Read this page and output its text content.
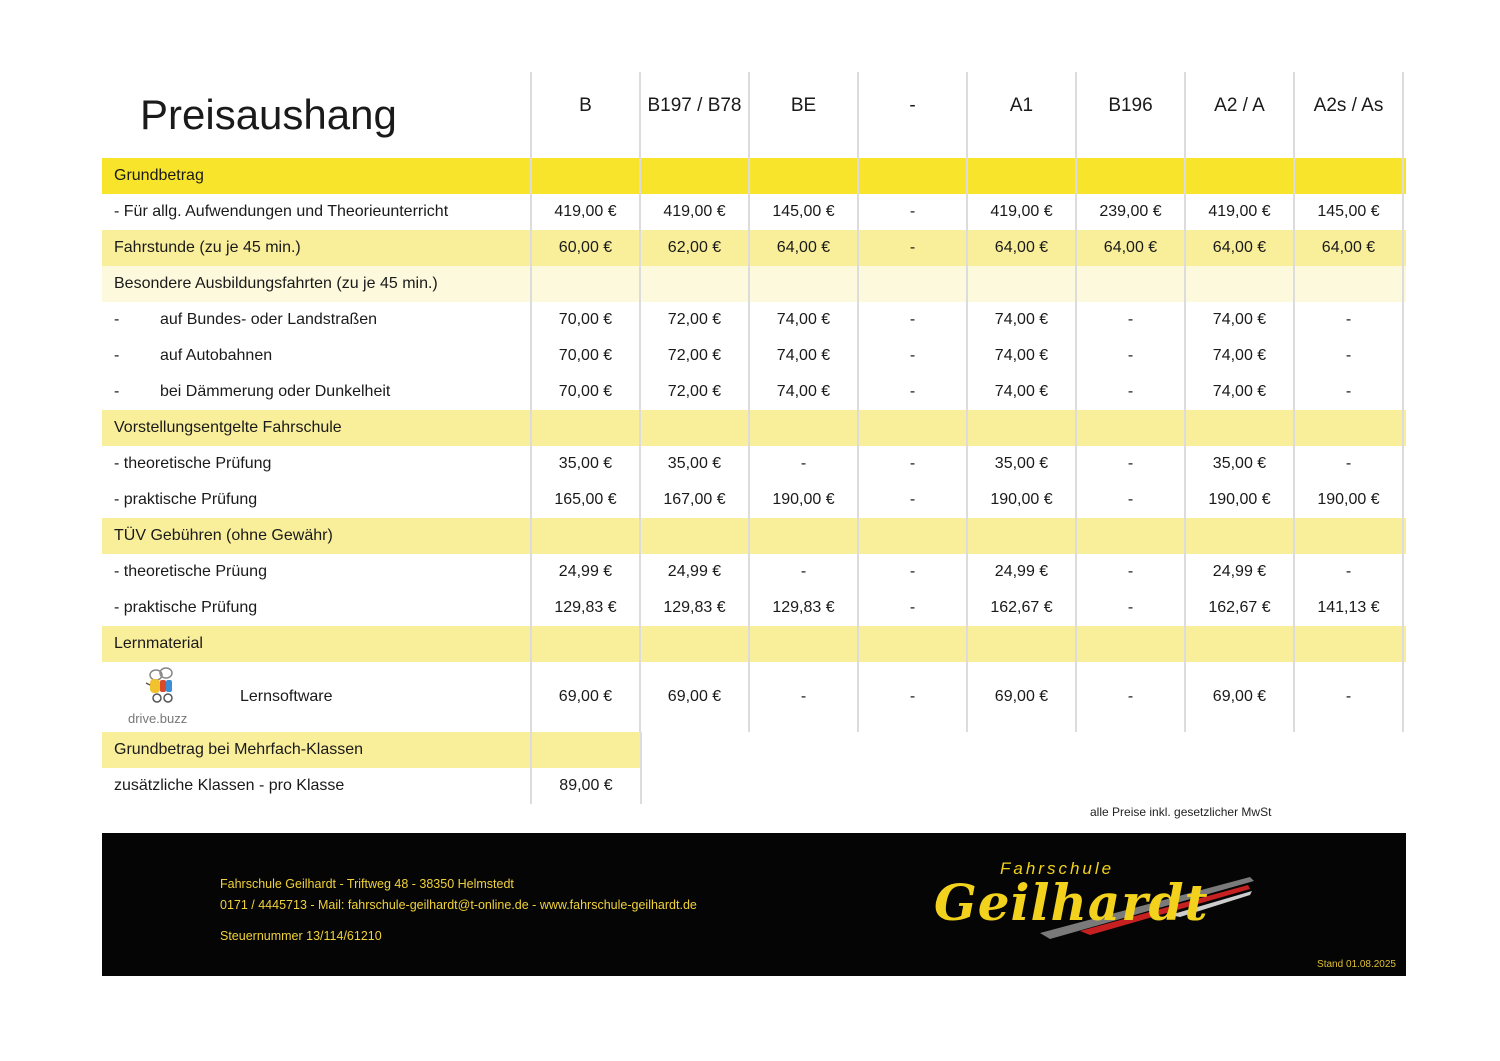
Preisaushang	B	B197 / B78	BE	-	A1	B196	A2 / A	A2s / As
Grundbetrag
- Für allg. Aufwendungen und Theorieunterricht	419,00 €	419,00 €	145,00 €	-	419,00 €	239,00 €	419,00 €	145,00 €
Fahrstunde (zu je 45 min.)	60,00 €	62,00 €	64,00 €	-	64,00 €	64,00 €	64,00 €	64,00 €
Besondere Ausbildungsfahrten (zu je 45 min.)
-	auf Bundes- oder Landstraßen	70,00 €	72,00 €	74,00 €	-	74,00 €	-	74,00 €	-
-	auf Autobahnen	70,00 €	72,00 €	74,00 €	-	74,00 €	-	74,00 €	-
-	bei Dämmerung oder Dunkelheit	70,00 €	72,00 €	74,00 €	-	74,00 €	-	74,00 €	-
Vorstellungsentgelte Fahrschule
- theoretische Prüfung	35,00 €	35,00 €	-	-	35,00 €	-	35,00 €	-
- praktische Prüfung	165,00 €	167,00 €	190,00 €	-	190,00 €	-	190,00 €	190,00 €
TÜV Gebühren (ohne Gewähr)
- theoretische Prüung	24,99 €	24,99 €	-	-	24,99 €	-	24,99 €	-
- praktische Prüfung	129,83 €	129,83 €	129,83 €	-	162,67 €	-	162,67 €	141,13 €
Lernmaterial
drive.buzz
Lernsoftware	69,00 €	69,00 €	-	-	69,00 €	-	69,00 €	-
Grundbetrag bei Mehrfach-Klassen
zusätzliche Klassen - pro Klasse	89,00 €
alle Preise inkl. gesetzlicher MwSt
Fahrschule Geilhardt - Triftweg 48 - 38350 Helmstedt
0171 / 4445713 - Mail: fahrschule-geilhardt@t-online.de - www.fahrschule-geilhardt.de
Steuernummer 13/114/61210
Fahrschule
Geilhardt
Stand 01.08.2025
